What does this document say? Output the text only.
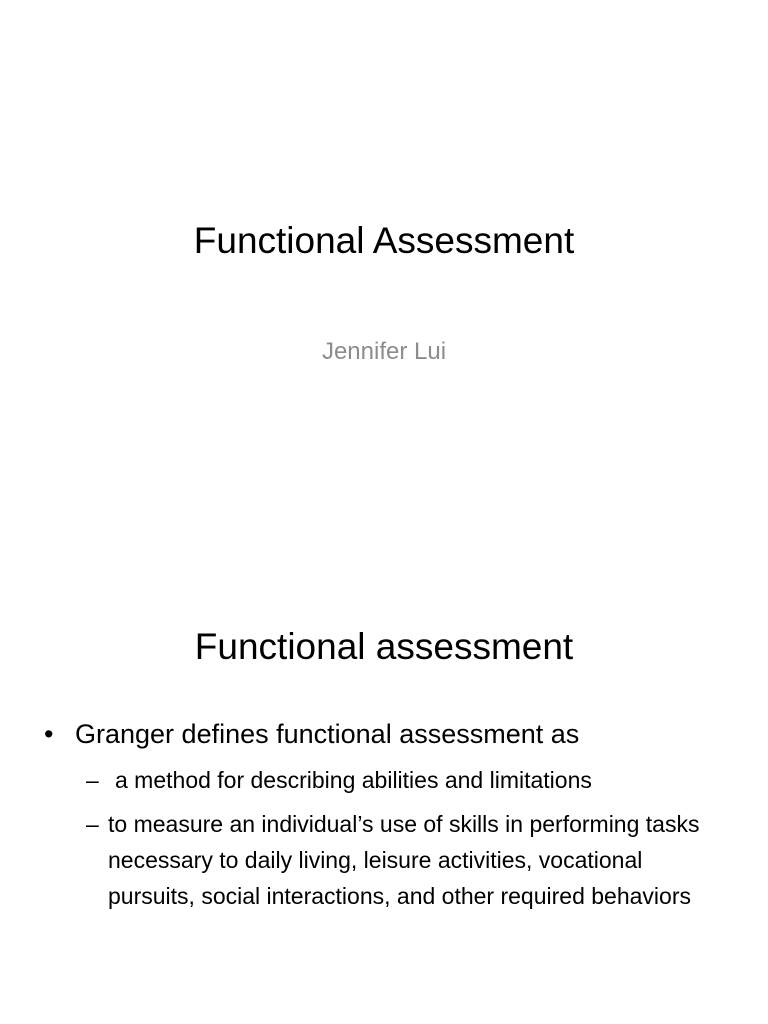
Functional Assessment
Jennifer Lui
Functional assessment
• Granger defines functional assessment as
– a method for describing abilities and limitations
– to measure an individual’s use of skills in performing tasks necessary to daily living, leisure activities, vocational pursuits, social interactions, and other required behaviors
